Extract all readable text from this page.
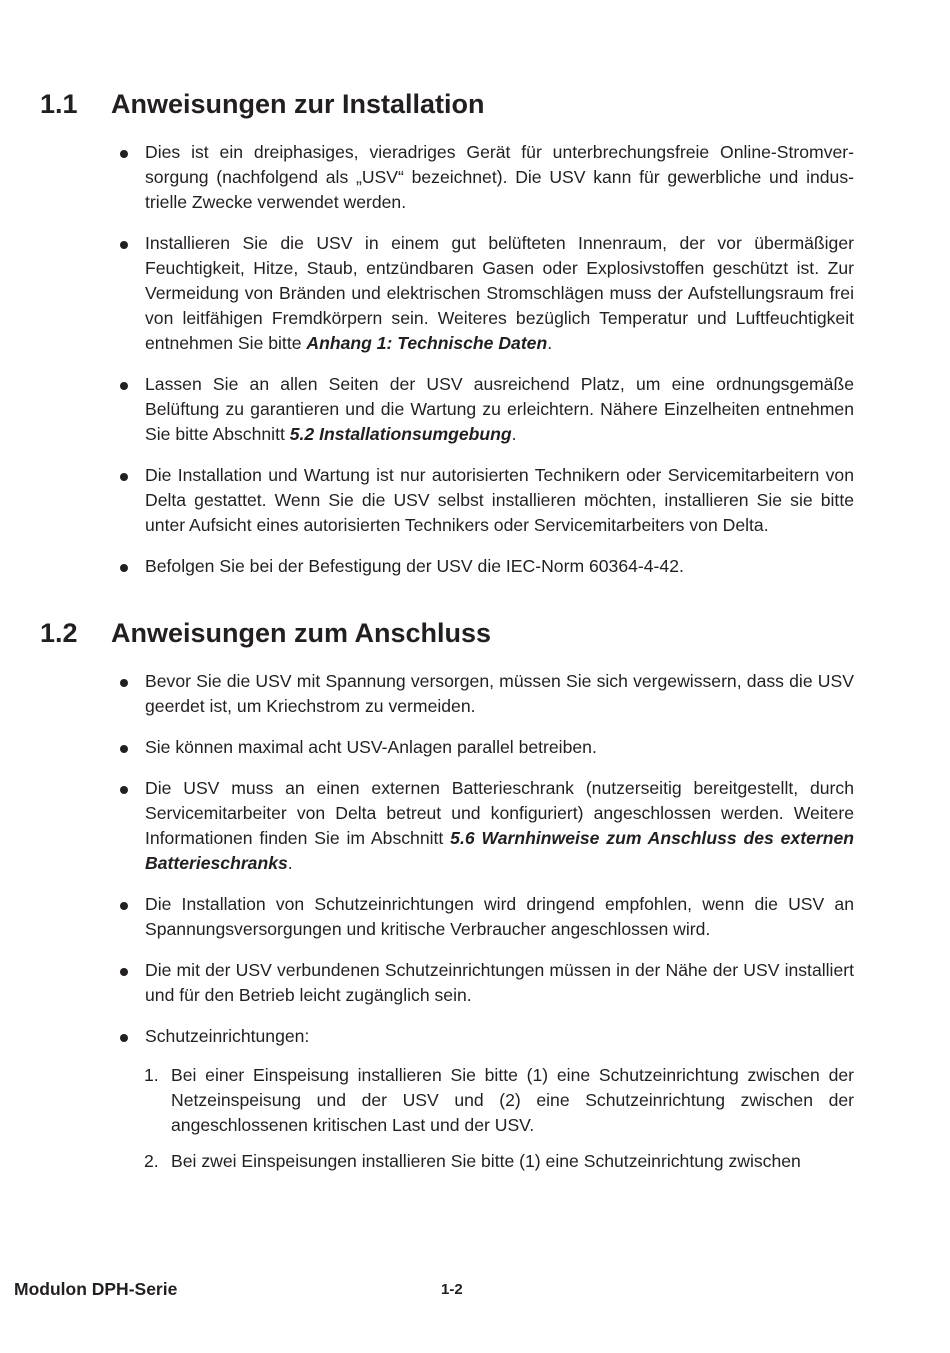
1.1 Anweisungen zur Installation

Dies ist ein dreiphasiges, vieradriges Gerät für unterbrechungsfreie Online-Stromversorgung (nachfolgend als „USV“ bezeichnet). Die USV kann für gewerbliche und industrielle Zwecke verwendet werden.

Installieren Sie die USV in einem gut belüfteten Innenraum, der vor übermäßiger Feuchtigkeit, Hitze, Staub, entzündbaren Gasen oder Explosivstoffen geschützt ist. Zur Vermeidung von Bränden und elektrischen Stromschlägen muss der Aufstellungsraum frei von leitfähigen Fremdkörpern sein. Weiteres bezüglich Temperatur und Luftfeuchtigkeit entnehmen Sie bitte Anhang 1: Technische Daten.

Lassen Sie an allen Seiten der USV ausreichend Platz, um eine ordnungsgemäße Belüftung zu garantieren und die Wartung zu erleichtern. Nähere Einzelheiten entnehmen Sie bitte Abschnitt 5.2 Installationsumgebung.

Die Installation und Wartung ist nur autorisierten Technikern oder Servicemitarbeitern von Delta gestattet. Wenn Sie die USV selbst installieren möchten, installieren Sie sie bitte unter Aufsicht eines autorisierten Technikers oder Servicemitarbeiters von Delta.

Befolgen Sie bei der Befestigung der USV die IEC-Norm 60364-4-42.

1.2 Anweisungen zum Anschluss

Bevor Sie die USV mit Spannung versorgen, müssen Sie sich vergewissern, dass die USV geerdet ist, um Kriechstrom zu vermeiden.

Sie können maximal acht USV-Anlagen parallel betreiben.

Die USV muss an einen externen Batterieschrank (nutzerseitig bereitgestellt, durch Servicemitarbeiter von Delta betreut und konfiguriert) angeschlossen werden. Weitere Informationen finden Sie im Abschnitt 5.6 Warnhinweise zum Anschluss des externen Batterieschranks.

Die Installation von Schutzeinrichtungen wird dringend empfohlen, wenn die USV an Spannungsversorgungen und kritische Verbraucher angeschlossen wird.

Die mit der USV verbundenen Schutzeinrichtungen müssen in der Nähe der USV installiert und für den Betrieb leicht zugänglich sein.

Schutzeinrichtungen:

1. Bei einer Einspeisung installieren Sie bitte (1) eine Schutzeinrichtung zwischen der Netzeinspeisung und der USV und (2) eine Schutzeinrichtung zwischen der angeschlossenen kritischen Last und der USV.

2. Bei zwei Einspeisungen installieren Sie bitte (1) eine Schutzeinrichtung zwischen

Modulon DPH-Serie	1-2
